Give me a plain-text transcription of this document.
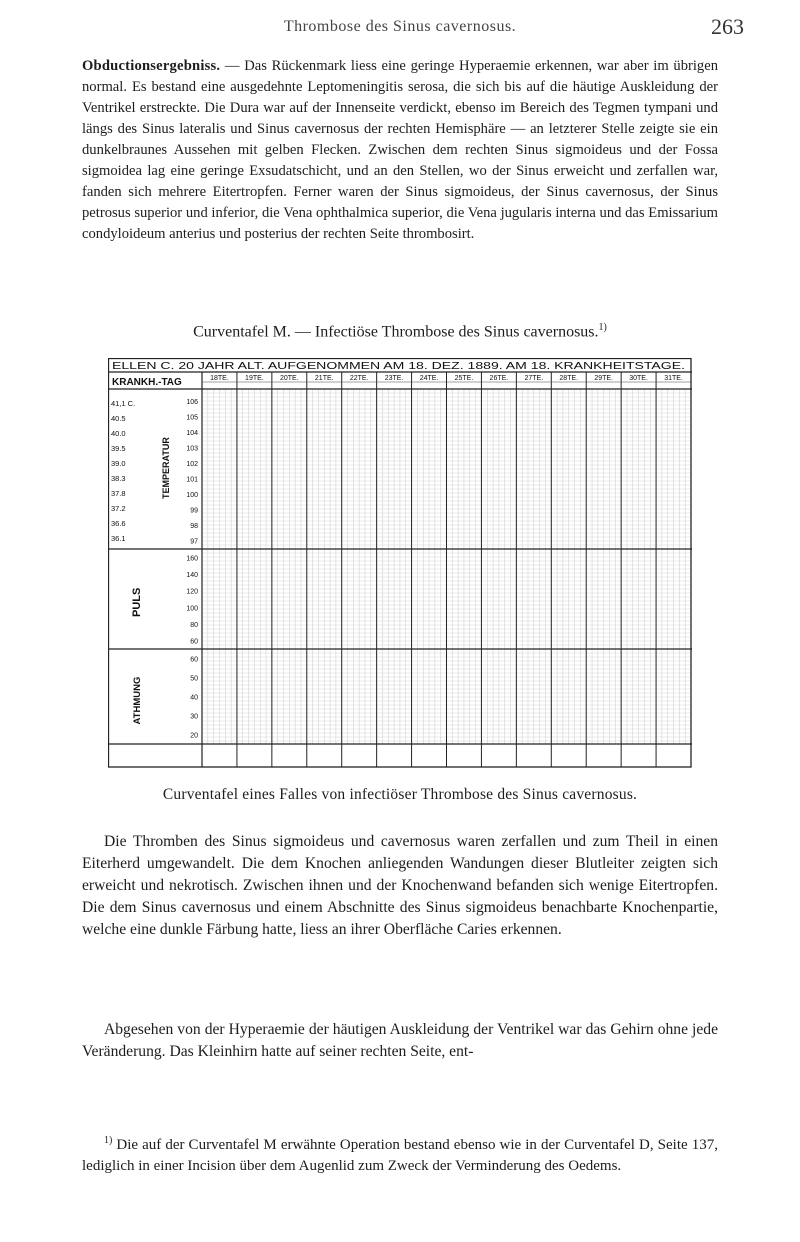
Thrombose des Sinus cavernosus.	263

Obductionsergebniss. — Das Rückenmark liess eine geringe Hyperaemie erkennen, war aber im übrigen normal. Es bestand eine ausgedehnte Leptomeningitis serosa, die sich bis auf die häutige Auskleidung der Ventrikel erstreckte. Die Dura war auf der Innenseite verdickt, ebenso im Bereich des Tegmen tympani und längs des Sinus lateralis und Sinus cavernosus der rechten Hemisphäre — an letzterer Stelle zeigte sie ein dunkelbraunes Aussehen mit gelben Flecken. Zwischen dem rechten Sinus sigmoideus und der Fossa sigmoidea lag eine geringe Exsudatschicht, und an den Stellen, wo der Sinus erweicht und zerfallen war, fanden sich mehrere Eitertropfen. Ferner waren der Sinus sigmoideus, der Sinus cavernosus, der Sinus petrosus superior und inferior, die Vena ophthalmica superior, die Vena jugularis interna und das Emissarium condyloideum anterius und posterius der rechten Seite thrombosirt.

Curventafel M. — Infectiöse Thrombose des Sinus cavernosus.$^{1)}$
ELLEN C. 20 JAHR ALT. AUFGENOMMEN AM 18. DEZ. 1889. AM 18. KRANKHEITSTAGE.
KRANKH.-TAG	18TE. 19TE. 20TE. 21TE. 22TE. 23TE. 24TE. 25TE. 26TE. 27TE. 28TE. 29TE. 30TE. 31TE.
41,1 C.
40.5
40.0
39.5
39.0
38.3
37.8
37.2
36.6
36.1
106
105
104
103
102
101
100
99
98
97
TEMPERATUR
160
140
120
100
80
60
PULS
60
50
40
30
20
ATHMUNG
Curventafel eines Falles von infectiöser Thrombose des Sinus cavernosus.

Die Thromben des Sinus sigmoideus und cavernosus waren zerfallen und zum Theil in einen Eiterherd umgewandelt. Die dem Knochen anliegenden Wandungen dieser Blutleiter zeigten sich erweicht und nekrotisch. Zwischen ihnen und der Knochenwand befanden sich wenige Eitertropfen. Die dem Sinus cavernosus und einem Abschnitte des Sinus sigmoideus benachbarte Knochenpartie, welche eine dunkle Färbung hatte, liess an ihrer Oberfläche Caries erkennen.

Abgesehen von der Hyperaemie der häutigen Auskleidung der Ventrikel war das Gehirn ohne jede Veränderung. Das Kleinhirn hatte auf seiner rechten Seite, ent-

$^{1)}$ Die auf der Curventafel M erwähnte Operation bestand ebenso wie in der Curventafel D, Seite 137, lediglich in einer Incision über dem Augenlid zum Zweck der Verminderung des Oedems.
